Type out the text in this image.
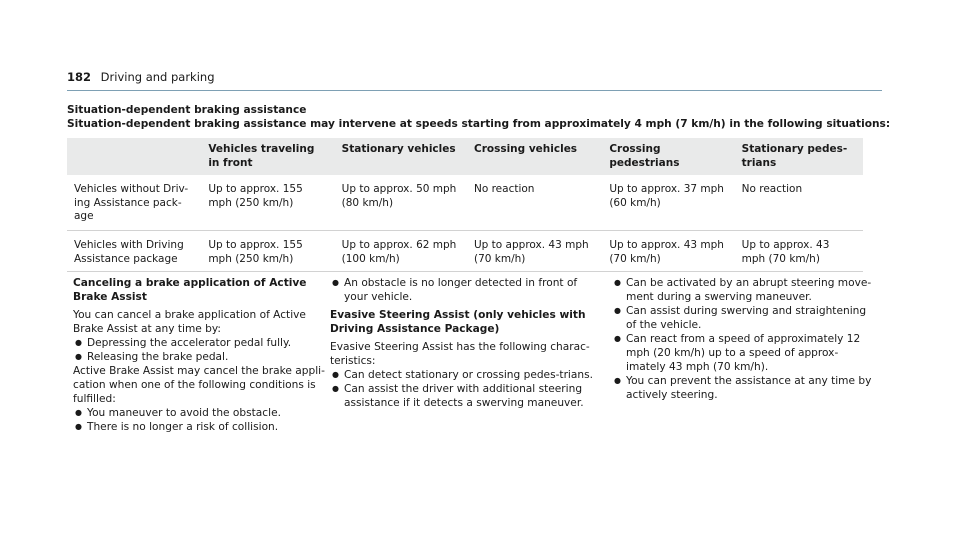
182 Driving and parking
Situation-dependent braking assistance
Situation-dependent braking assistance may intervene at speeds starting from approximately 4 mph (7 km/h) in the following situations:
	Vehicles traveling in front	Stationary vehicles	Crossing vehicles	Crossing pedestrians	Stationary pedes-trians
Vehicles without Driv-ing Assistance pack-age	Up to approx. 155 mph (250 km/h)	Up to approx. 50 mph (80 km/h)	No reaction	Up to approx. 37 mph (60 km/h)	No reaction
Vehicles with Driving Assistance package	Up to approx. 155 mph (250 km/h)	Up to approx. 62 mph (100 km/h)	Up to approx. 43 mph (70 km/h)	Up to approx. 43 mph (70 km/h)	Up to approx. 43 mph (70 km/h)

Canceling a brake application of Active Brake Assist

You can cancel a brake application of Active Brake Assist at any time by:

● Depressing the accelerator pedal fully.
● Releasing the brake pedal.

Active Brake Assist may cancel the brake appli-cation when one of the following conditions is fulfilled:

● You maneuver to avoid the obstacle.
● There is no longer a risk of collision.
● An obstacle is no longer detected in front of your vehicle.

Evasive Steering Assist (only vehicles with Driving Assistance Package)

Evasive Steering Assist has the following charac-teristics:

● Can detect stationary or crossing pedes-trians.
● Can assist the driver with additional steering assistance if it detects a swerving maneuver.
● Can be activated by an abrupt steering move-ment during a swerving maneuver.
● Can assist during swerving and straightening of the vehicle.
● Can react from a speed of approximately 12 mph (20 km/h) up to a speed of approx-imately 43 mph (70 km/h).
● You can prevent the assistance at any time by actively steering.
